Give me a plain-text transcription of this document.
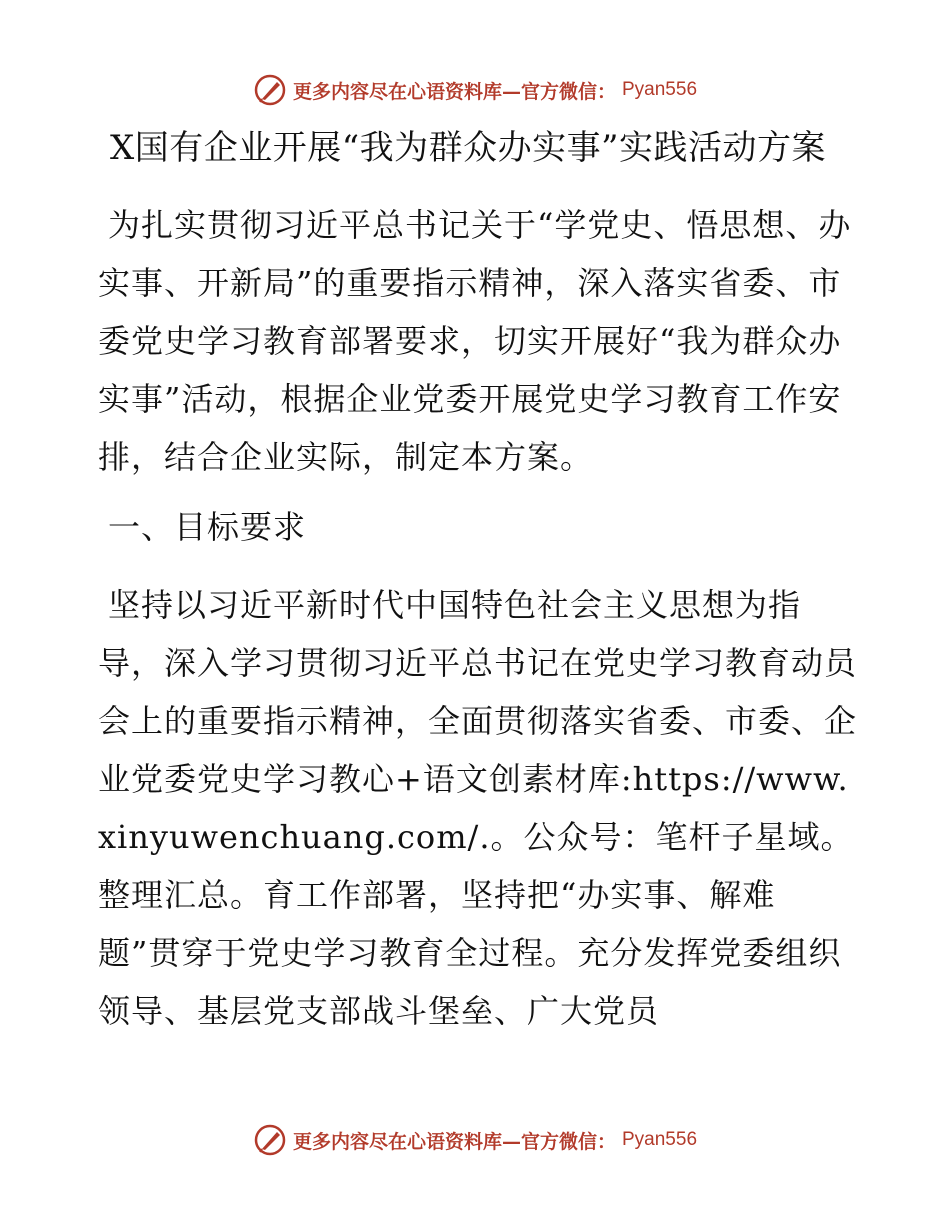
更多内容尽在心语资料库—官方微信： Pyan556
X国有企业开展“我为群众办实事”实践活动方案

为扎实贯彻习近平总书记关于“学党史、悟思想、办实事、开新局”的重要指示精神，深入落实省委、市委党史学习教育部署要求，切实开展好“我为群众办实事”活动，根据企业党委开展党史学习教育工作安排，结合企业实际，制定本方案。

一、目标要求

坚持以习近平新时代中国特色社会主义思想为指导，深入学习贯彻习近平总书记在党史学习教育动员会上的重要指示精神，全面贯彻落实省委、市委、企业党委党史学习教心+语文创素材库:https://www.xinyuwenchuang.com/.。公众号：笔杆子星域。整理汇总。育工作部署，坚持把“办实事、解难题”贯穿于党史学习教育全过程。充分发挥党委组织领导、基层党支部战斗堡垒、广大党员

更多内容尽在心语资料库—官方微信： Pyan556
